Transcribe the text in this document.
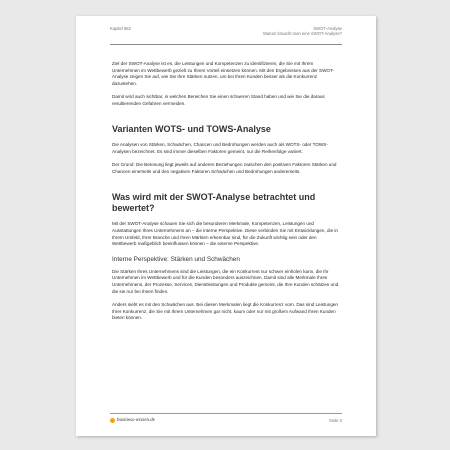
Kapitel 852	SWOT-Analyse
Warum braucht man eine SWOT-Analyse?

Ziel der SWOT-Analyse ist es, die Leistungen und Kompetenzen zu identifizieren, die Sie mit Ihrem Unternehmen im Wettbewerb gezielt zu Ihrem Vorteil einsetzen können. Mit den Ergebnissen aus der SWOT-Analyse zeigen Sie auf, wie Sie Ihre Stärken nutzen, um bei Ihren Kunden besser als die Konkurrenz dazustehen.

Damit wird auch sichtbar, in welchen Bereichen Sie einen schweren Stand haben und wie Sie die daraus resultierenden Gefahren vermeiden.

Varianten WOTS- und TOWS-Analyse

Die Analysen von Stärken, Schwächen, Chancen und Bedrohungen werden auch als WOTS- oder TOWS-Analysen bezeichnet. Es sind immer dieselben Faktoren gemeint, nur die Reihenfolge variiert.

Der Grund: Die Betonung liegt jeweils auf anderen Beziehungen zwischen den positiven Faktoren Stärken und Chancen einerseits und den negativen Faktoren Schwächen und Bedrohungen andererseits.

Was wird mit der SWOT-Analyse betrachtet und bewertet?

Mit der SWOT-Analyse schauen Sie sich die besonderen Merkmale, Kompetenzen, Leistungen und Ausstattungen Ihres Unternehmens an – die interne Perspektive. Diese verbinden Sie mit Entwicklungen, die in Ihrem Umfeld, Ihrer Branche und Ihren Märkten erkennbar sind, für die Zukunft wichtig sein oder den Wettbewerb maßgeblich beeinflussen können – die externe Perspektive.

Interne Perspektive: Stärken und Schwächen

Die Stärken Ihres Unternehmens sind die Leistungen, die ein Konkurrent nur schwer einholen kann, die Ihr Unternehmen im Wettbewerb und für die Kunden besonders auszeichnen. Damit sind alle Merkmale Ihres Unternehmens, der Prozesse, Services, Dienstleistungen und Produkte gemeint, die Ihre Kunden schätzen und die sie nur bei Ihnen finden.

Anders sieht es mit den Schwächen aus. Bei diesen Merkmalen liegt die Konkurrenz vorn. Das sind Leistungen Ihrer Konkurrenz, die Sie mit Ihrem Unternehmen gar nicht, kaum oder nur mit großem Aufwand Ihren Kunden bieten können.

business-wissen.de	Seite 3
